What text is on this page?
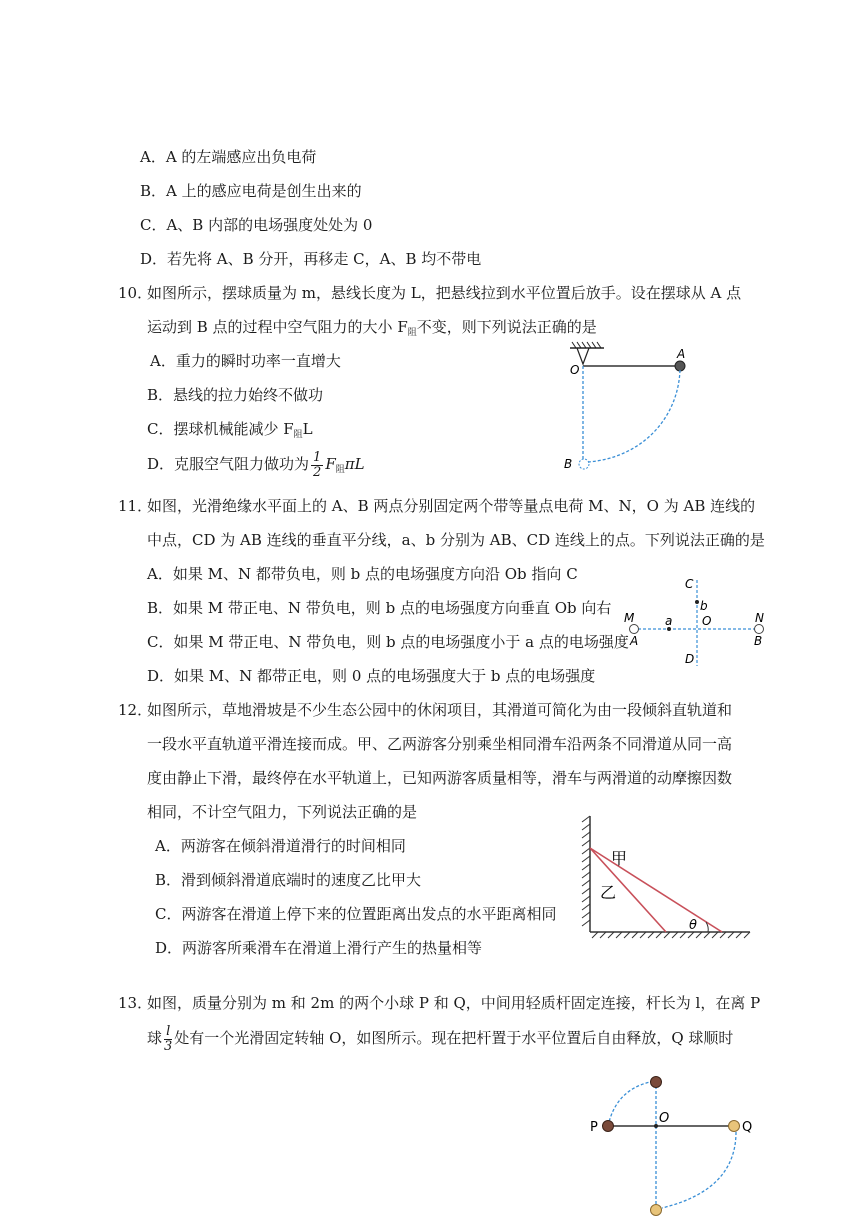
A．A 的左端感应出负电荷
B．A 上的感应电荷是创生出来的
C．A、B 内部的电场强度处处为 0
D．若先将 A、B 分开，再移走 C，A、B 均不带电
10．
如图所示，摆球质量为 m，悬线长度为 L，把悬线拉到水平位置后放手。设在摆球从 A 点
运动到 B 点的过程中空气阻力的大小 $F_阻$不变，则下列说法正确的是
A．重力的瞬时功率一直增大
B．悬线的拉力始终不做功
C．摆球机械能减少 $F_阻L$
D．克服空气阻力做功为 $\frac{1}{2} F_阻\pi L$
O
A
B
11．
如图，光滑绝缘水平面上的 A、B 两点分别固定两个带等量点电荷 M、N，O 为 AB 连线的
中点，CD 为 AB 连线的垂直平分线，a、b 分别为 AB、CD 连线上的点。下列说法正确的是
A．如果 M、N 都带负电，则 b 点的电场强度方向沿 Ob 指向 C
B．如果 M 带正电、N 带负电，则 b 点的电场强度方向垂直 Ob 向右
C．如果 M 带正电、N 带负电，则 b 点的电场强度小于 a 点的电场强度
D．如果 M、N 都带正电，则 0 点的电场强度大于 b 点的电场强度
C
b
M	a O	N
A	B
D
12．
如图所示，草地滑坡是不少生态公园中的休闲项目，其滑道可简化为由一段倾斜直轨道和
一段水平直轨道平滑连接而成。甲、乙两游客分别乘坐相同滑车沿两条不同滑道从同一高
度由静止下滑，最终停在水平轨道上，已知两游客质量相等，滑车与两滑道的动摩擦因数
相同，不计空气阻力，下列说法正确的是
A．两游客在倾斜滑道滑行的时间相同
B．滑到倾斜滑道底端时的速度乙比甲大
C．两游客在滑道上停下来的位置距离出发点的水平距离相同
D．两游客所乘滑车在滑道上滑行产生的热量相等
甲
乙
θ
13．
如图，质量分别为 m 和 2m 的两个小球 P 和 Q，中间用轻质杆固定连接，杆长为 l，在离 P
球 $\frac{l}{3}$ 处有一个光滑固定转轴 O，如图所示。现在把杆置于水平位置后自由释放，Q 球顺时
P
O
Q
